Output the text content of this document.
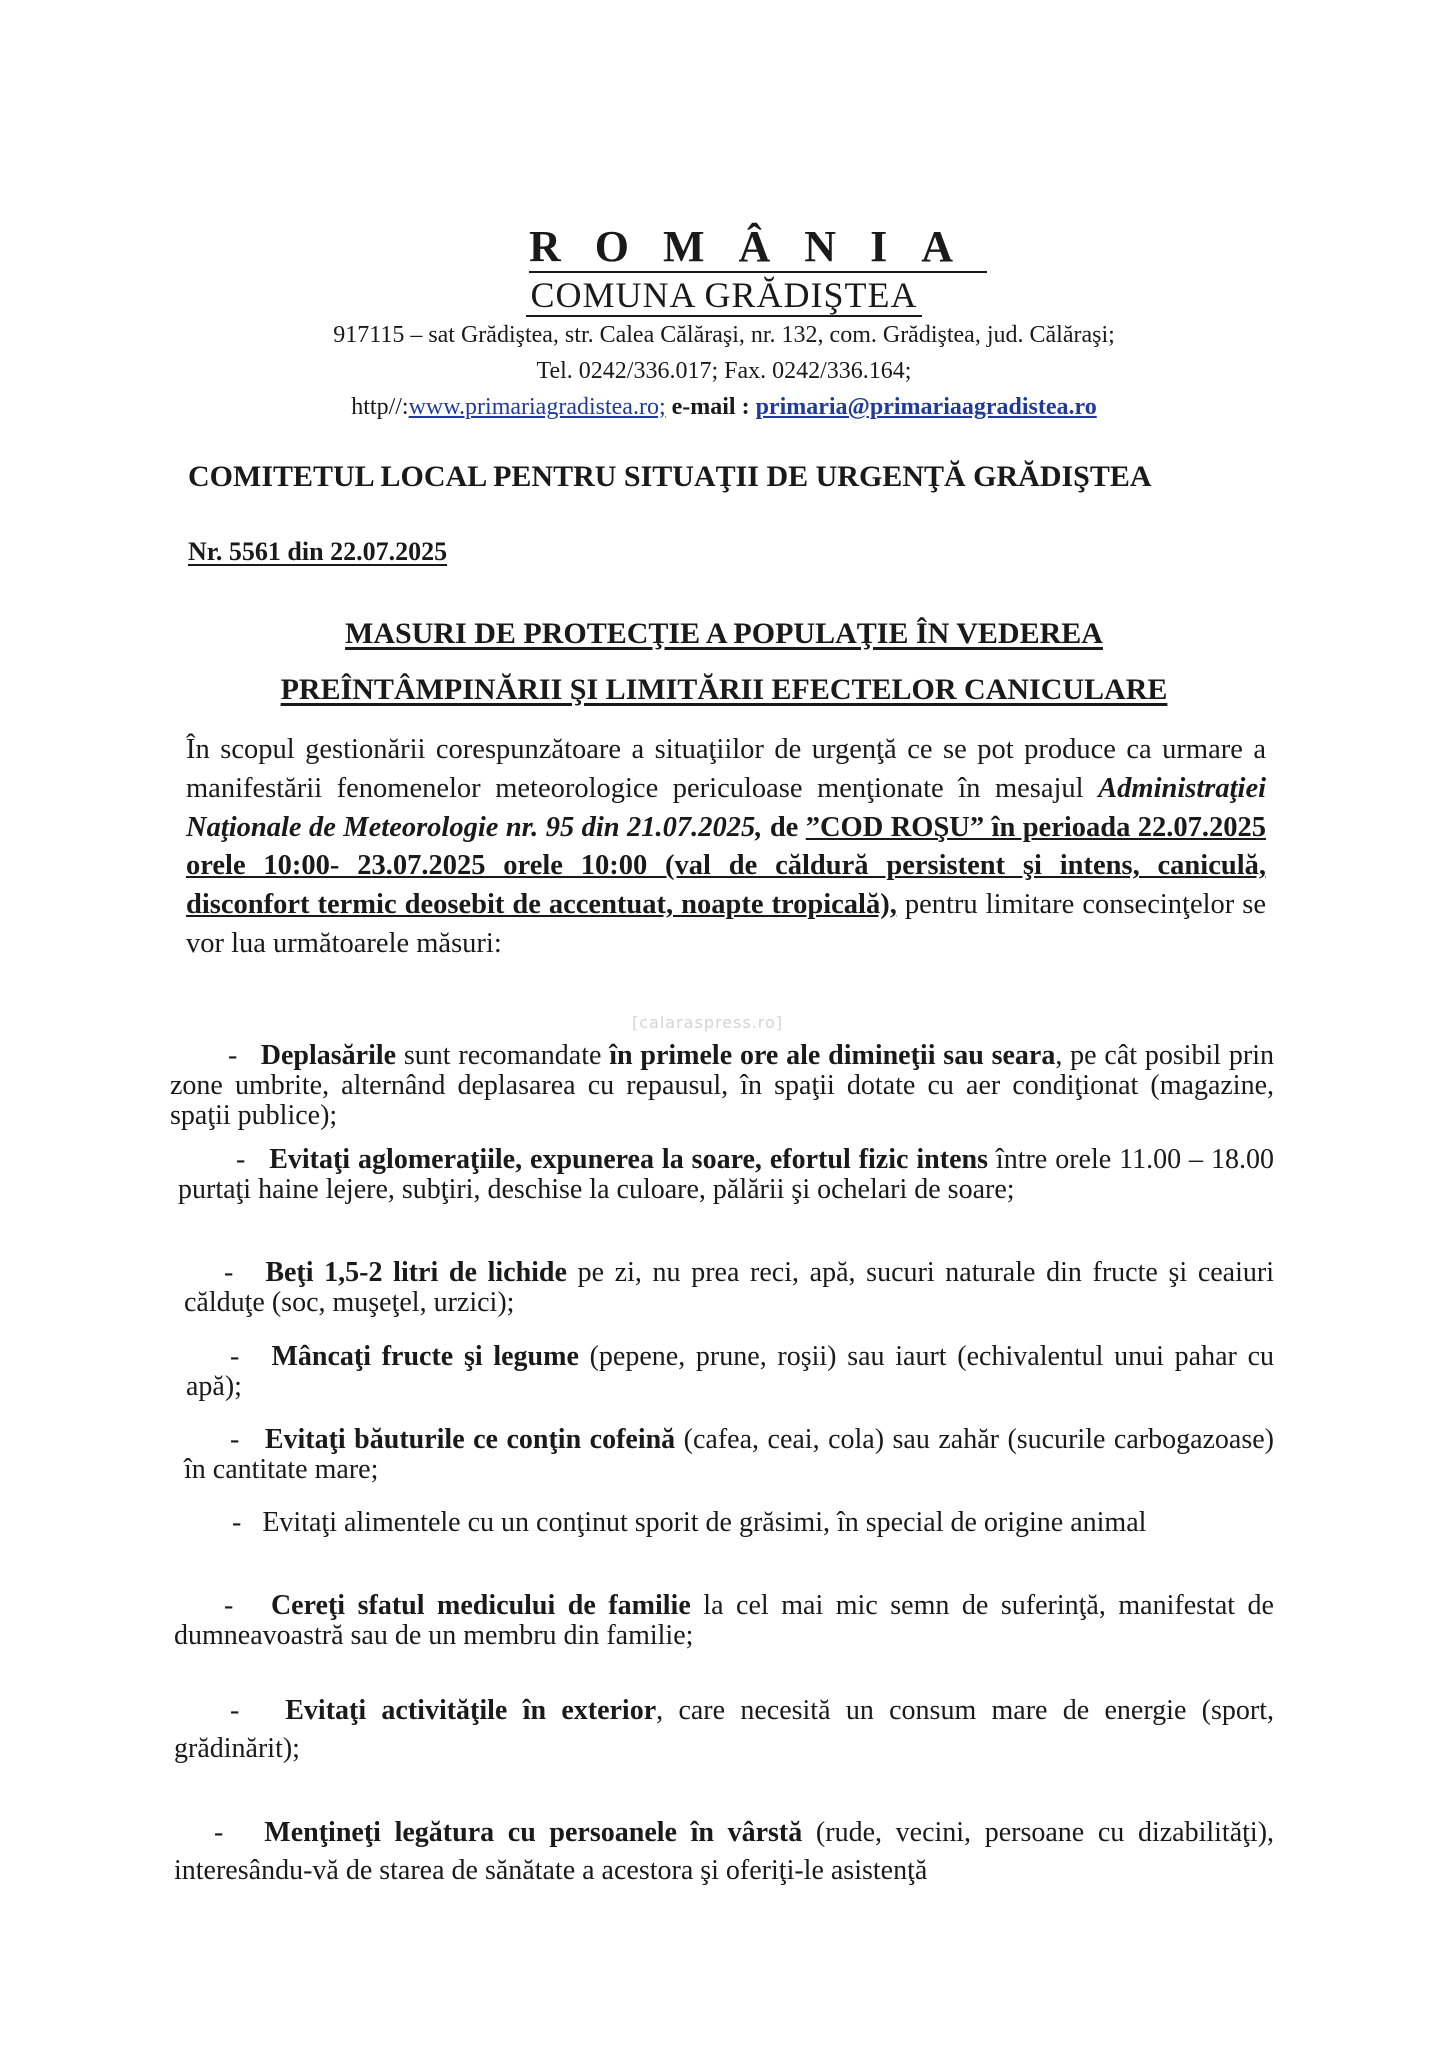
ROMÂNIA
COMUNA GRĂDIŞTEA
917115 – sat Grădiştea, str. Calea Călăraşi, nr. 132, com. Grădiştea, jud. Călăraşi;
Tel. 0242/336.017; Fax. 0242/336.164;
http//:www.primariagradistea.ro; e-mail : primaria@primariaagradistea.ro
COMITETUL LOCAL PENTRU SITUAŢII DE URGENŢĂ GRĂDIŞTEA
Nr. 5561 din 22.07.2025
MASURI DE PROTECŢIE A POPULAŢIE ÎN VEDEREA
PREÎNTÂMPINĂRII ŞI LIMITĂRII EFECTELOR CANICULARE
În scopul gestionării corespunzătoare a situaţiilor de urgenţă ce se pot produce ca urmare a manifestării fenomenelor meteorologice periculoase menţionate în mesajul Administraţiei Naţionale de Meteorologie nr. 95 din 21.07.2025, de ”COD ROŞU” în perioada 22.07.2025 orele 10:00- 23.07.2025 orele 10:00 (val de căldură persistent şi intens, caniculă, disconfort termic deosebit de accentuat, noapte tropicală), pentru limitare consecinţelor se vor lua următoarele măsuri:
[calaraspress.ro]
-   Deplasările sunt recomandate în primele ore ale dimineţii sau seara, pe cât posibil prin zone umbrite, alternând deplasarea cu repausul, în spaţii dotate cu aer condiţionat (magazine, spaţii publice);
-   Evitaţi aglomeraţiile, expunerea la soare, efortul fizic intens între orele 11.00 – 18.00 purtaţi haine lejere, subţiri, deschise la culoare, pălării şi ochelari de soare;
-   Beţi 1,5-2 litri de lichide pe zi, nu prea reci, apă, sucuri naturale din fructe şi ceaiuri călduţe (soc, muşeţel, urzici);
-   Mâncaţi fructe şi legume (pepene, prune, roşii) sau iaurt (echivalentul unui pahar cu apă);
-   Evitaţi băuturile ce conţin cofeină (cafea, ceai, cola) sau zahăr (sucurile carbogazoase) în cantitate mare;
-   Evitaţi alimentele cu un conţinut sporit de grăsimi, în special de origine animal
-   Cereţi sfatul medicului de familie la cel mai mic semn de suferinţă, manifestat de dumneavoastră sau de un membru din familie;
-   Evitaţi activităţile în exterior, care necesită un consum mare de energie (sport, grădinărit);
-   Menţineţi legătura cu persoanele în vârstă (rude, vecini, persoane cu dizabilităţi), interesându-vă de starea de sănătate a acestora şi oferiţi-le asistenţă
